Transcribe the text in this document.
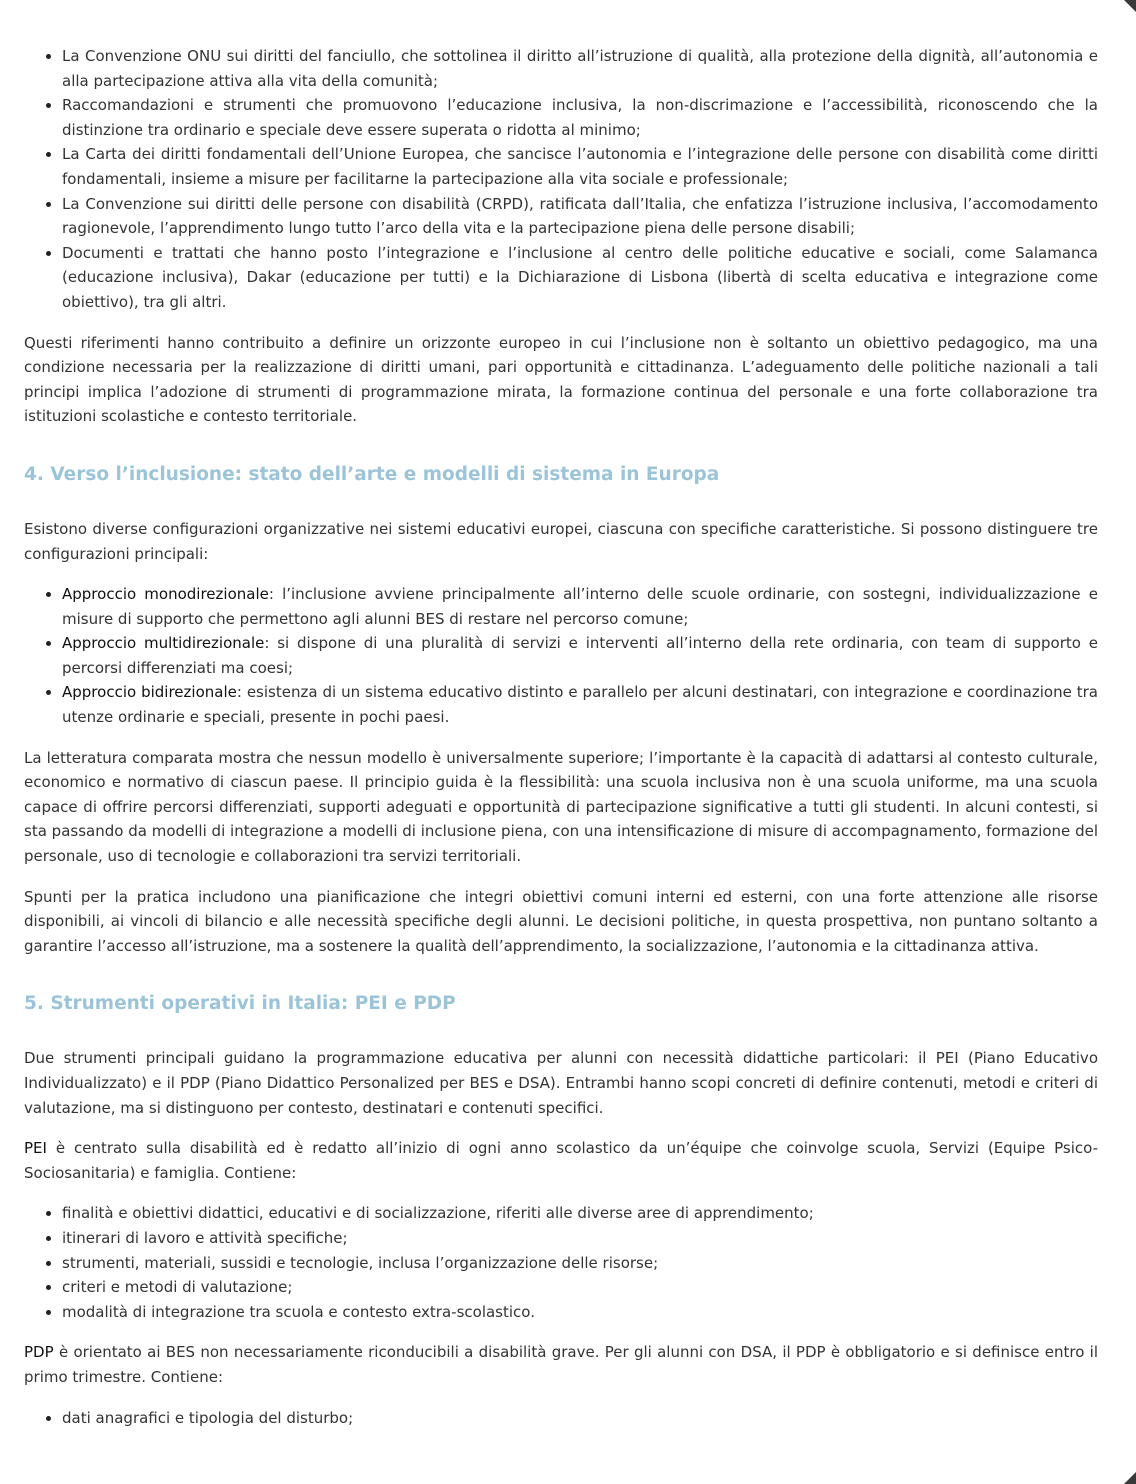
• La Convenzione ONU sui diritti del fanciullo, che sottolinea il diritto all’istruzione di qualità, alla protezione della dignità, all’autonomia e alla partecipazione attiva alla vita della comunità;
• Raccomandazioni e strumenti che promuovono l’educazione inclusiva, la non-discrimazione e l’accessibilità, riconoscendo che la distinzione tra ordinario e speciale deve essere superata o ridotta al minimo;
• La Carta dei diritti fondamentali dell’Unione Europea, che sancisce l’autonomia e l’integrazione delle persone con disabilità come diritti fondamentali, insieme a misure per facilitarne la partecipazione alla vita sociale e professionale;
• La Convenzione sui diritti delle persone con disabilità (CRPD), ratificata dall’Italia, che enfatizza l’istruzione inclusiva, l’accomodamento ragionevole, l’apprendimento lungo tutto l’arco della vita e la partecipazione piena delle persone disabili;
• Documenti e trattati che hanno posto l’integrazione e l’inclusione al centro delle politiche educative e sociali, come Salamanca (educazione inclusiva), Dakar (educazione per tutti) e la Dichiarazione di Lisbona (libertà di scelta educativa e integrazione come obiettivo), tra gli altri.

Questi riferimenti hanno contribuito a definire un orizzonte europeo in cui l’inclusione non è soltanto un obiettivo pedagogico, ma una condizione necessaria per la realizzazione di diritti umani, pari opportunità e cittadinanza. L’adeguamento delle politiche nazionali a tali principi implica l’adozione di strumenti di programmazione mirata, la formazione continua del personale e una forte collaborazione tra istituzioni scolastiche e contesto territoriale.

4. Verso l’inclusione: stato dell’arte e modelli di sistema in Europa

Esistono diverse configurazioni organizzative nei sistemi educativi europei, ciascuna con specifiche caratteristiche. Si possono distinguere tre configurazioni principali:

• Approccio monodirezionale: l’inclusione avviene principalmente all’interno delle scuole ordinarie, con sostegni, individualizzazione e misure di supporto che permettono agli alunni BES di restare nel percorso comune;
• Approccio multidirezionale: si dispone di una pluralità di servizi e interventi all’interno della rete ordinaria, con team di supporto e percorsi differenziati ma coesi;
• Approccio bidirezionale: esistenza di un sistema educativo distinto e parallelo per alcuni destinatari, con integrazione e coordinazione tra utenze ordinarie e speciali, presente in pochi paesi.

La letteratura comparata mostra che nessun modello è universalmente superiore; l’importante è la capacità di adattarsi al contesto culturale, economico e normativo di ciascun paese. Il principio guida è la flessibilità: una scuola inclusiva non è una scuola uniforme, ma una scuola capace di offrire percorsi differenziati, supporti adeguati e opportunità di partecipazione significative a tutti gli studenti. In alcuni contesti, si sta passando da modelli di integrazione a modelli di inclusione piena, con una intensificazione di misure di accompagnamento, formazione del personale, uso di tecnologie e collaborazioni tra servizi territoriali.

Spunti per la pratica includono una pianificazione che integri obiettivi comuni interni ed esterni, con una forte attenzione alle risorse disponibili, ai vincoli di bilancio e alle necessità specifiche degli alunni. Le decisioni politiche, in questa prospettiva, non puntano soltanto a garantire l’accesso all’istruzione, ma a sostenere la qualità dell’apprendimento, la socializzazione, l’autonomia e la cittadinanza attiva.

5. Strumenti operativi in Italia: PEI e PDP

Due strumenti principali guidano la programmazione educativa per alunni con necessità didattiche particolari: il PEI (Piano Educativo Individualizzato) e il PDP (Piano Didattico Personalized per BES e DSA). Entrambi hanno scopi concreti di definire contenuti, metodi e criteri di valutazione, ma si distinguono per contesto, destinatari e contenuti specifici.

PEI è centrato sulla disabilità ed è redatto all’inizio di ogni anno scolastico da un’équipe che coinvolge scuola, Servizi (Equipe Psico-Sociosanitaria) e famiglia. Contiene:

• finalità e obiettivi didattici, educativi e di socializzazione, riferiti alle diverse aree di apprendimento;
• itinerari di lavoro e attività specifiche;
• strumenti, materiali, sussidi e tecnologie, inclusa l’organizzazione delle risorse;
• criteri e metodi di valutazione;
• modalità di integrazione tra scuola e contesto extra-scolastico.

PDP è orientato ai BES non necessariamente riconducibili a disabilità grave. Per gli alunni con DSA, il PDP è obbligatorio e si definisce entro il primo trimestre. Contiene:

• dati anagrafici e tipologia del disturbo;
